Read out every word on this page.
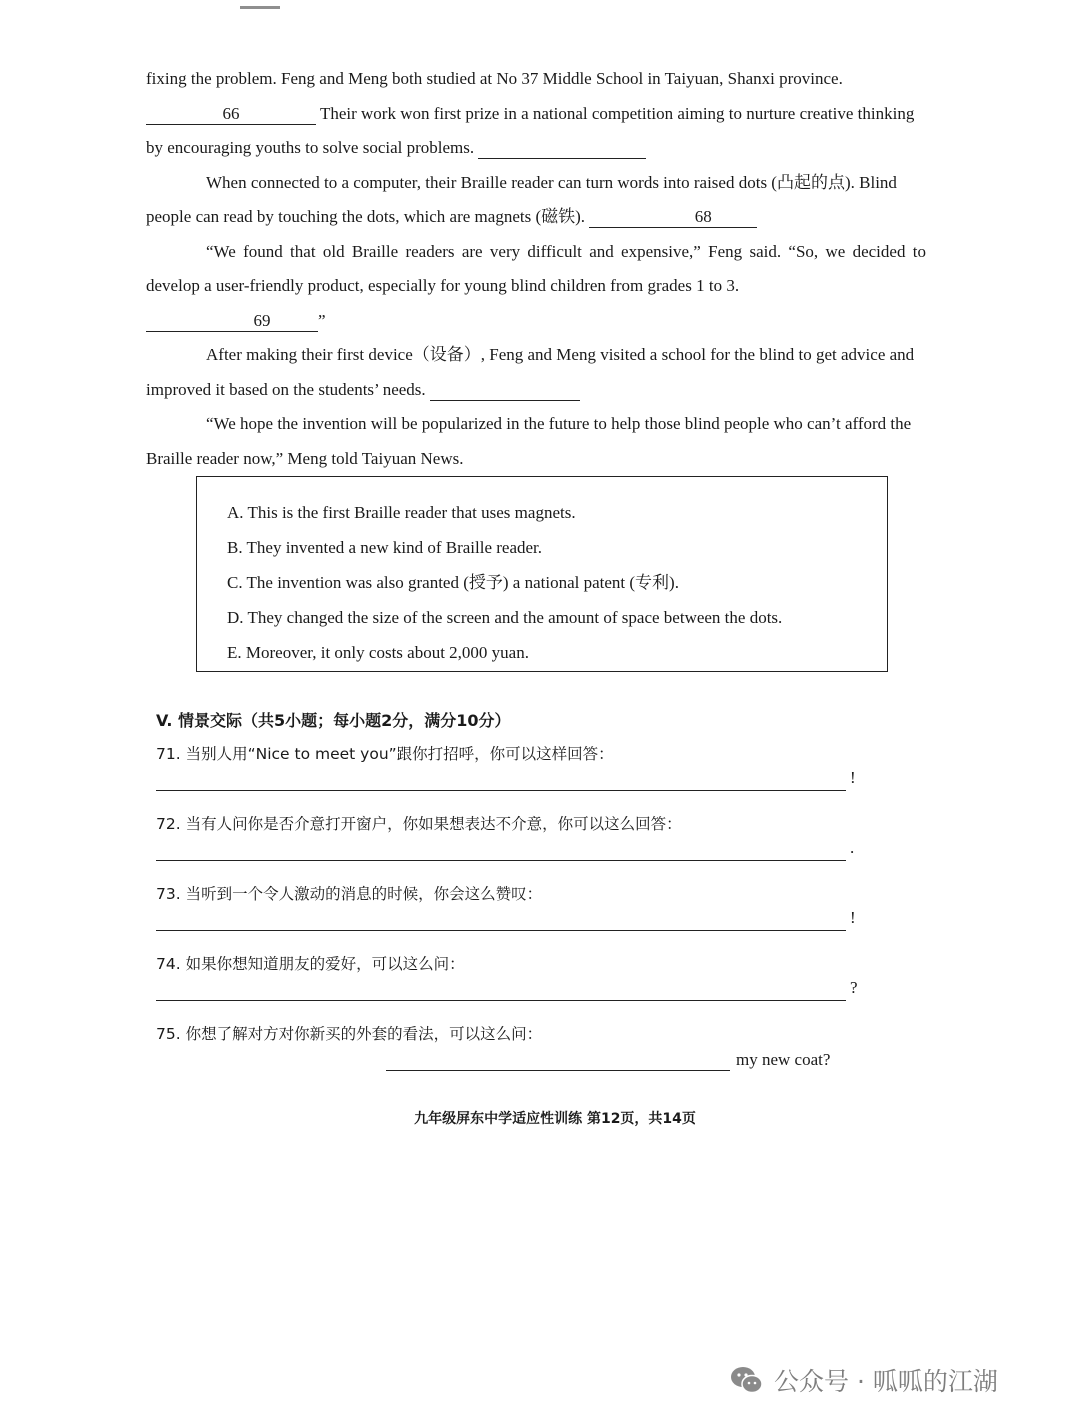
fixing the problem. Feng and Meng both studied at No 37 Middle School in Taiyuan, Shanxi province.
66	Their work won first prize in a national competition aiming to nurture creative thinking by encouraging youths to solve social problems.

When connected to a computer, their Braille reader can turn words into raised dots (凸起的点). Blind people can read by touching the dots, which are magnets (磁铁).	68

“We found that old Braille readers are very difficult and expensive,” Feng said. “So, we decided to develop a user-friendly product, especially for young blind children from grades 1 to 3.
69	”

After making their first device（设备）, Feng and Meng visited a school for the blind to get advice and improved it based on the students’ needs.

“We hope the invention will be popularized in the future to help those blind people who can’t afford the Braille reader now,” Meng told Taiyuan News.

A. This is the first Braille reader that uses magnets.
B. They invented a new kind of Braille reader.
C. The invention was also granted (授予) a national patent (专利).
D. They changed the size of the screen and the amount of space between the dots.
E. Moreover, it only costs about 2,000 yuan.

V. 情景交际（共5小题；每小题2分，满分10分）

71. 当别人用“Nice to meet you”跟你打招呼，你可以这样回答：
!
72. 当有人问你是否介意打开窗户，你如果想表达不介意，你可以这么回答：
.
73. 当听到一个令人激动的消息的时候，你会这么赞叹：
!
74. 如果你想知道朋友的爱好，可以这么问：
?
75. 你想了解对方对你新买的外套的看法，可以这么问：
my new coat?
九年级屏东中学适应性训练 第12页，共14页
公众号 · 呱呱的江湖
